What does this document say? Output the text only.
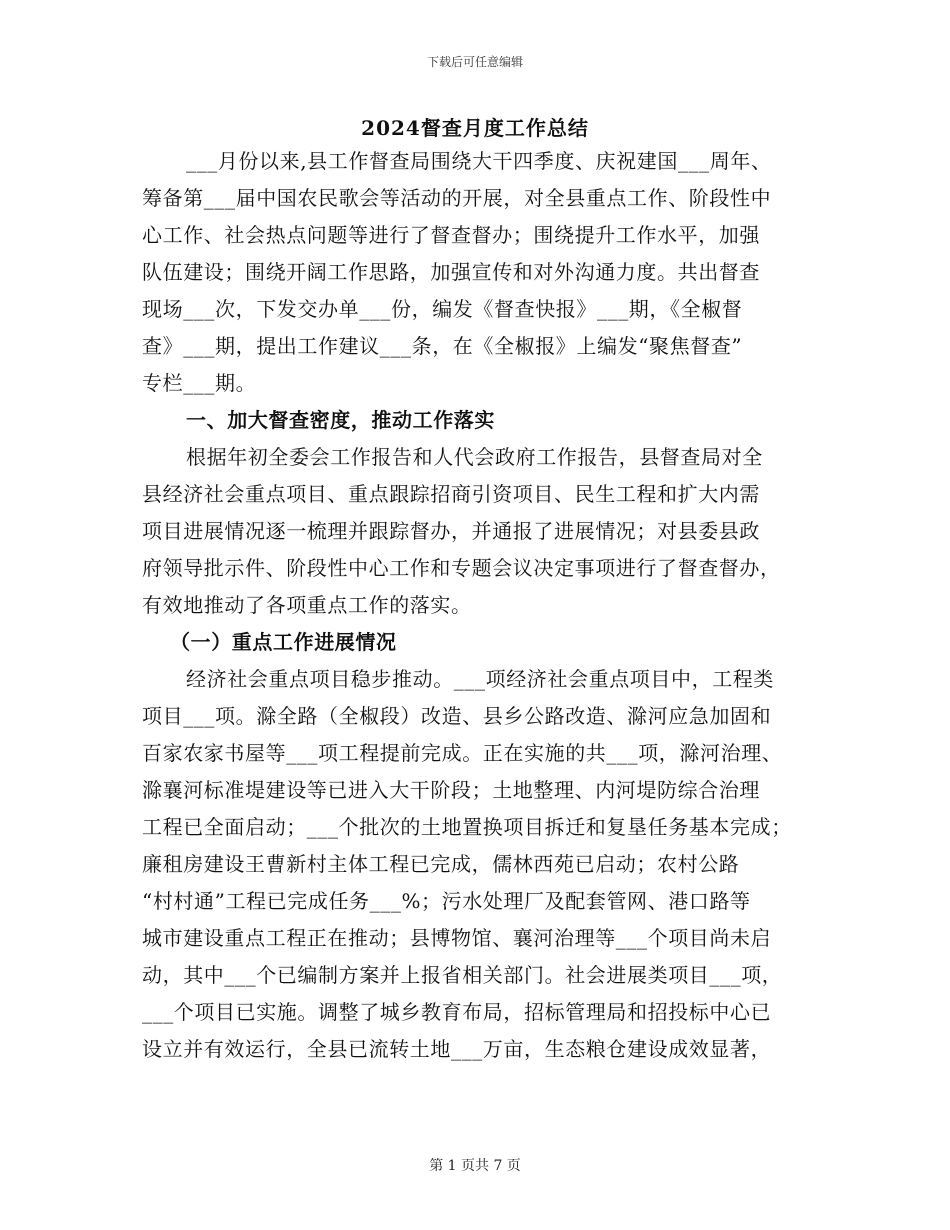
下载后可任意编辑
2024督查月度工作总结
___月份以来,县工作督查局围绕大干四季度、庆祝建国___周年、
筹备第___届中国农民歌会等活动的开展，对全县重点工作、阶段性中
心工作、社会热点问题等进行了督查督办；围绕提升工作水平，加强
队伍建设；围绕开阔工作思路，加强宣传和对外沟通力度。共出督查
现场___次，下发交办单___份，编发《督查快报》___期，《全椒督
查》___期，提出工作建议___条，在《全椒报》上编发“聚焦督查”
专栏___期。
一、加大督查密度，推动工作落实
根据年初全委会工作报告和人代会政府工作报告，县督查局对全
县经济社会重点项目、重点跟踪招商引资项目、民生工程和扩大内需
项目进展情况逐一梳理并跟踪督办，并通报了进展情况；对县委县政
府领导批示件、阶段性中心工作和专题会议决定事项进行了督查督办，
有效地推动了各项重点工作的落实。
（一）重点工作进展情况
经济社会重点项目稳步推动。___项经济社会重点项目中，工程类
项目___项。滁全路（全椒段）改造、县乡公路改造、滁河应急加固和
百家农家书屋等___项工程提前完成。正在实施的共___项，滁河治理、
滁襄河标准堤建设等已进入大干阶段；土地整理、内河堤防综合治理
工程已全面启动；___个批次的土地置换项目拆迁和复垦任务基本完成；
廉租房建设王曹新村主体工程已完成，儒林西苑已启动；农村公路
“村村通”工程已完成任务___%；污水处理厂及配套管网、港口路等
城市建设重点工程正在推动；县博物馆、襄河治理等___个项目尚未启
动，其中___个已编制方案并上报省相关部门。社会进展类项目___项，
___个项目已实施。调整了城乡教育布局，招标管理局和招投标中心已
设立并有效运行，全县已流转土地___万亩，生态粮仓建设成效显著，
第 1 页共 7 页
